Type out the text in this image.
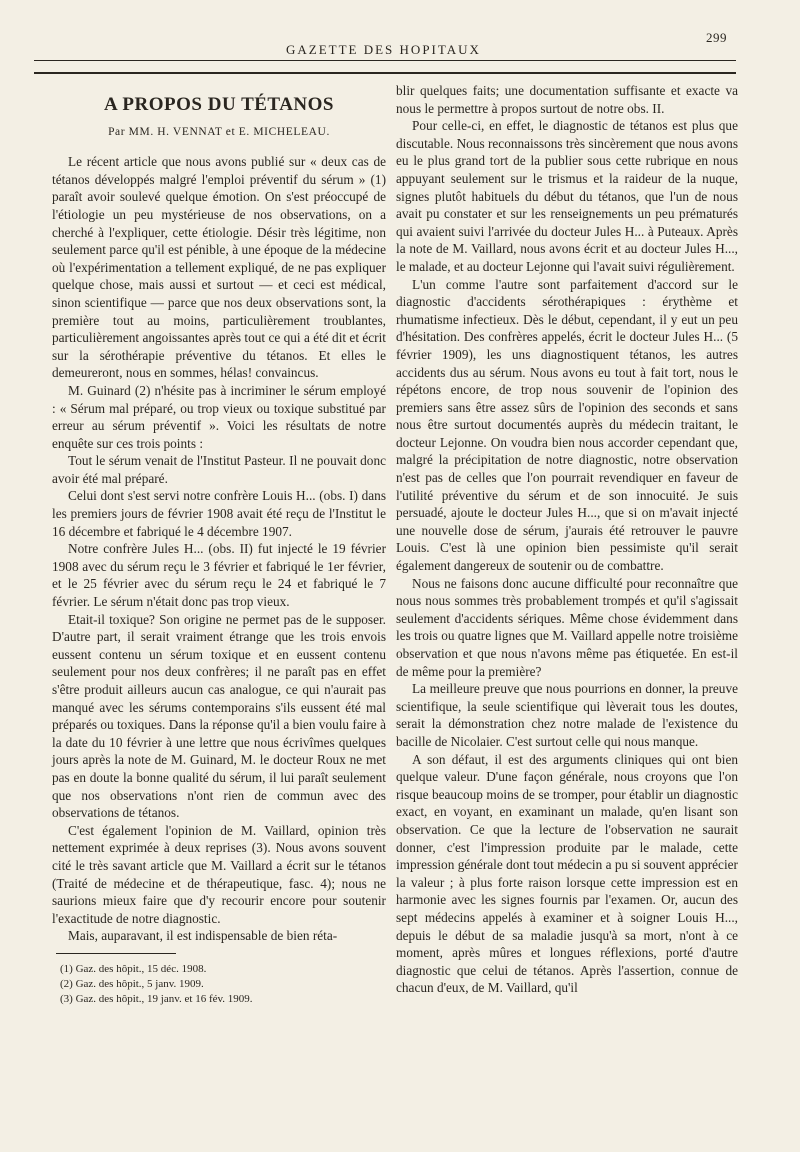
299
GAZETTE DES HOPITAUX
A PROPOS DU TÉTANOS
Par MM. H. VENNAT et E. MICHELEAU.

Le récent article que nous avons publié sur « deux cas de tétanos développés malgré l'emploi préventif du sérum » (1) paraît avoir soulevé quelque émotion. On s'est préoccupé de l'étiologie un peu mystérieuse de nos observations, on a cherché à l'expliquer, cette étiologie. Désir très légitime, non seulement parce qu'il est pénible, à une époque de la médecine où l'expérimentation a tellement expliqué, de ne pas expliquer quelque chose, mais aussi et surtout — et ceci est médical, sinon scientifique — parce que nos deux observations sont, la première tout au moins, particulièrement troublantes, particulièrement angoissantes après tout ce qui a été dit et écrit sur la sérothérapie préventive du tétanos. Et elles le demeureront, nous en sommes, hélas! convaincus.

M. Guinard (2) n'hésite pas à incriminer le sérum employé : « Sérum mal préparé, ou trop vieux ou toxique substitué par erreur au sérum préventif ». Voici les résultats de notre enquête sur ces trois points :

Tout le sérum venait de l'Institut Pasteur. Il ne pouvait donc avoir été mal préparé.

Celui dont s'est servi notre confrère Louis H... (obs. I) dans les premiers jours de février 1908 avait été reçu de l'Institut le 16 décembre et fabriqué le 4 décembre 1907.

Notre confrère Jules H... (obs. II) fut injecté le 19 février 1908 avec du sérum reçu le 3 février et fabriqué le 1er février, et le 25 février avec du sérum reçu le 24 et fabriqué le 7 février. Le sérum n'était donc pas trop vieux.

Etait-il toxique? Son origine ne permet pas de le supposer. D'autre part, il serait vraiment étrange que les trois envois eussent contenu un sérum toxique et en eussent contenu seulement pour nos deux confrères; il ne paraît pas en effet s'être produit ailleurs aucun cas analogue, ce qui n'aurait pas manqué avec les sérums contemporains s'ils eussent été mal préparés ou toxiques. Dans la réponse qu'il a bien voulu faire à la date du 10 février à une lettre que nous écrivîmes quelques jours après la note de M. Guinard, M. le docteur Roux ne met pas en doute la bonne qualité du sérum, il lui paraît seulement que nos observations n'ont rien de commun avec des observations de tétanos.

C'est également l'opinion de M. Vaillard, opinion très nettement exprimée à deux reprises (3). Nous avons souvent cité le très savant article que M. Vaillard a écrit sur le tétanos (Traité de médecine et de thérapeutique, fasc. 4); nous ne saurions mieux faire que d'y recourir encore pour soutenir l'exactitude de notre diagnostic.

Mais, auparavant, il est indispensable de bien réta-

(1) Gaz. des hôpit., 15 déc. 1908.
(2) Gaz. des hôpit., 5 janv. 1909.
(3) Gaz. des hôpit., 19 janv. et 16 fév. 1909.

blir quelques faits; une documentation suffisante et exacte va nous le permettre à propos surtout de notre obs. II.

Pour celle-ci, en effet, le diagnostic de tétanos est plus que discutable. Nous reconnaissons très sincèrement que nous avons eu le plus grand tort de la publier sous cette rubrique en nous appuyant seulement sur le trismus et la raideur de la nuque, signes plutôt habituels du début du tétanos, que l'un de nous avait pu constater et sur les renseignements un peu prématurés qui avaient suivi l'arrivée du docteur Jules H... à Puteaux. Après la note de M. Vaillard, nous avons écrit et au docteur Jules H..., le malade, et au docteur Lejonne qui l'avait suivi régulièrement.

L'un comme l'autre sont parfaitement d'accord sur le diagnostic d'accidents sérothérapiques : érythème et rhumatisme infectieux. Dès le début, cependant, il y eut un peu d'hésitation. Des confrères appelés, écrit le docteur Jules H... (5 février 1909), les uns diagnostiquent tétanos, les autres accidents dus au sérum. Nous avons eu tout à fait tort, nous le répétons encore, de trop nous souvenir de l'opinion des premiers sans être assez sûrs de l'opinion des seconds et sans nous être surtout documentés auprès du médecin traitant, le docteur Lejonne. On voudra bien nous accorder cependant que, malgré la précipitation de notre diagnostic, notre observation n'est pas de celles que l'on pourrait revendiquer en faveur de l'utilité préventive du sérum et de son innocuité. Je suis persuadé, ajoute le docteur Jules H..., que si on m'avait injecté une nouvelle dose de sérum, j'aurais été retrouver le pauvre Louis. C'est là une opinion bien pessimiste qu'il serait également dangereux de soutenir ou de combattre.

Nous ne faisons donc aucune difficulté pour reconnaître que nous nous sommes très probablement trompés et qu'il s'agissait seulement d'accidents sériques. Même chose évidemment dans les trois ou quatre lignes que M. Vaillard appelle notre troisième observation et que nous n'avons même pas étiquetée. En est-il de même pour la première?

La meilleure preuve que nous pourrions en donner, la preuve scientifique, la seule scientifique qui lèverait tous les doutes, serait la démonstration chez notre malade de l'existence du bacille de Nicolaier. C'est surtout celle qui nous manque.

A son défaut, il est des arguments cliniques qui ont bien quelque valeur. D'une façon générale, nous croyons que l'on risque beaucoup moins de se tromper, pour établir un diagnostic exact, en voyant, en examinant un malade, qu'en lisant son observation. Ce que la lecture de l'observation ne saurait donner, c'est l'impression produite par le malade, cette impression générale dont tout médecin a pu si souvent apprécier la valeur ; à plus forte raison lorsque cette impression est en harmonie avec les signes fournis par l'examen. Or, aucun des sept médecins appelés à examiner et à soigner Louis H..., depuis le début de sa maladie jusqu'à sa mort, n'ont à ce moment, après mûres et longues réflexions, porté d'autre diagnostic que celui de tétanos. Après l'assertion, connue de chacun d'eux, de M. Vaillard, qu'il
